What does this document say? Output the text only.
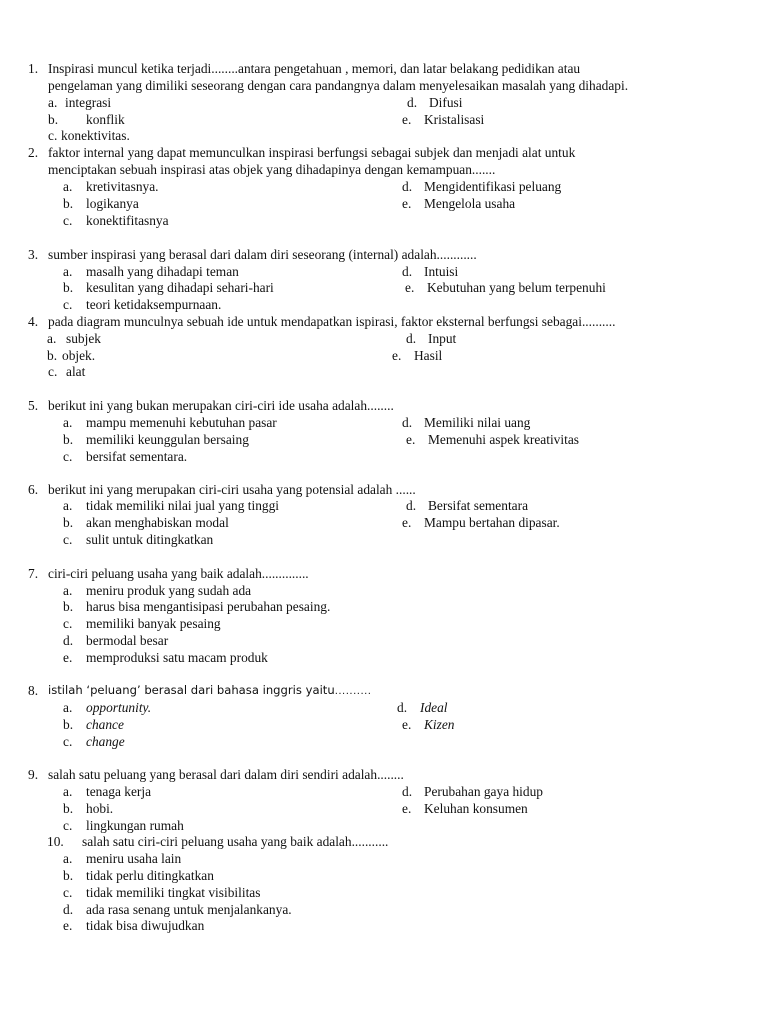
1. Inspirasi muncul ketika terjadi........antara pengetahuan , memori, dan latar belakang pedidikan atau
pengelaman yang dimiliki seseorang dengan cara pandangnya dalam menyelesaikan masalah yang dihadapi.
a. integrasi	d. Difusi
b. konflik	e. Kristalisasi
c. konektivitas.
2. faktor internal yang dapat memunculkan inspirasi berfungsi sebagai subjek dan menjadi alat untuk
menciptakan sebuah inspirasi atas objek yang dihadapinya dengan kemampuan.......
a. kretivitasnya.	d. Mengidentifikasi peluang
b. logikanya	e. Mengelola usaha
c. konektifitasnya
3. sumber inspirasi yang berasal dari dalam diri seseorang (internal) adalah............
a. masalh yang dihadapi teman	d. Intuisi
b. kesulitan yang dihadapi sehari-hari	e. Kebutuhan yang belum terpenuhi
c. teori ketidaksempurnaan.
4. pada diagram munculnya sebuah ide untuk mendapatkan ispirasi, faktor eksternal berfungsi sebagai..........
a. subjek	d. Input
b. objek.	e. Hasil
c. alat
5. berikut ini yang bukan merupakan ciri-ciri ide usaha adalah........
a. mampu memenuhi kebutuhan pasar	d. Memiliki nilai uang
b. memiliki keunggulan bersaing	e. Memenuhi aspek kreativitas
c. bersifat sementara.
6. berikut ini yang merupakan ciri-ciri usaha yang potensial adalah ......
a. tidak memiliki nilai jual yang tinggi	d. Bersifat sementara
b. akan menghabiskan modal	e. Mampu bertahan dipasar.
c. sulit untuk ditingkatkan
7. ciri-ciri peluang usaha yang baik adalah..............
a. meniru produk yang sudah ada
b. harus bisa mengantisipasi perubahan pesaing.
c. memiliki banyak pesaing
d. bermodal besar
e. memproduksi satu macam produk
8. istilah ‘peluang’ berasal dari bahasa inggris yaitu..........
a. opportunity.	d. Ideal
b. chance	e. Kizen
c. change
9. salah satu peluang yang berasal dari dalam diri sendiri adalah........
a. tenaga kerja	d. Perubahan gaya hidup
b. hobi.	e. Keluhan konsumen
c. lingkungan rumah
10. salah satu ciri-ciri peluang usaha yang baik adalah...........
a. meniru usaha lain
b. tidak perlu ditingkatkan
c. tidak memiliki tingkat visibilitas
d. ada rasa senang untuk menjalankanya.
e. tidak bisa diwujudkan
